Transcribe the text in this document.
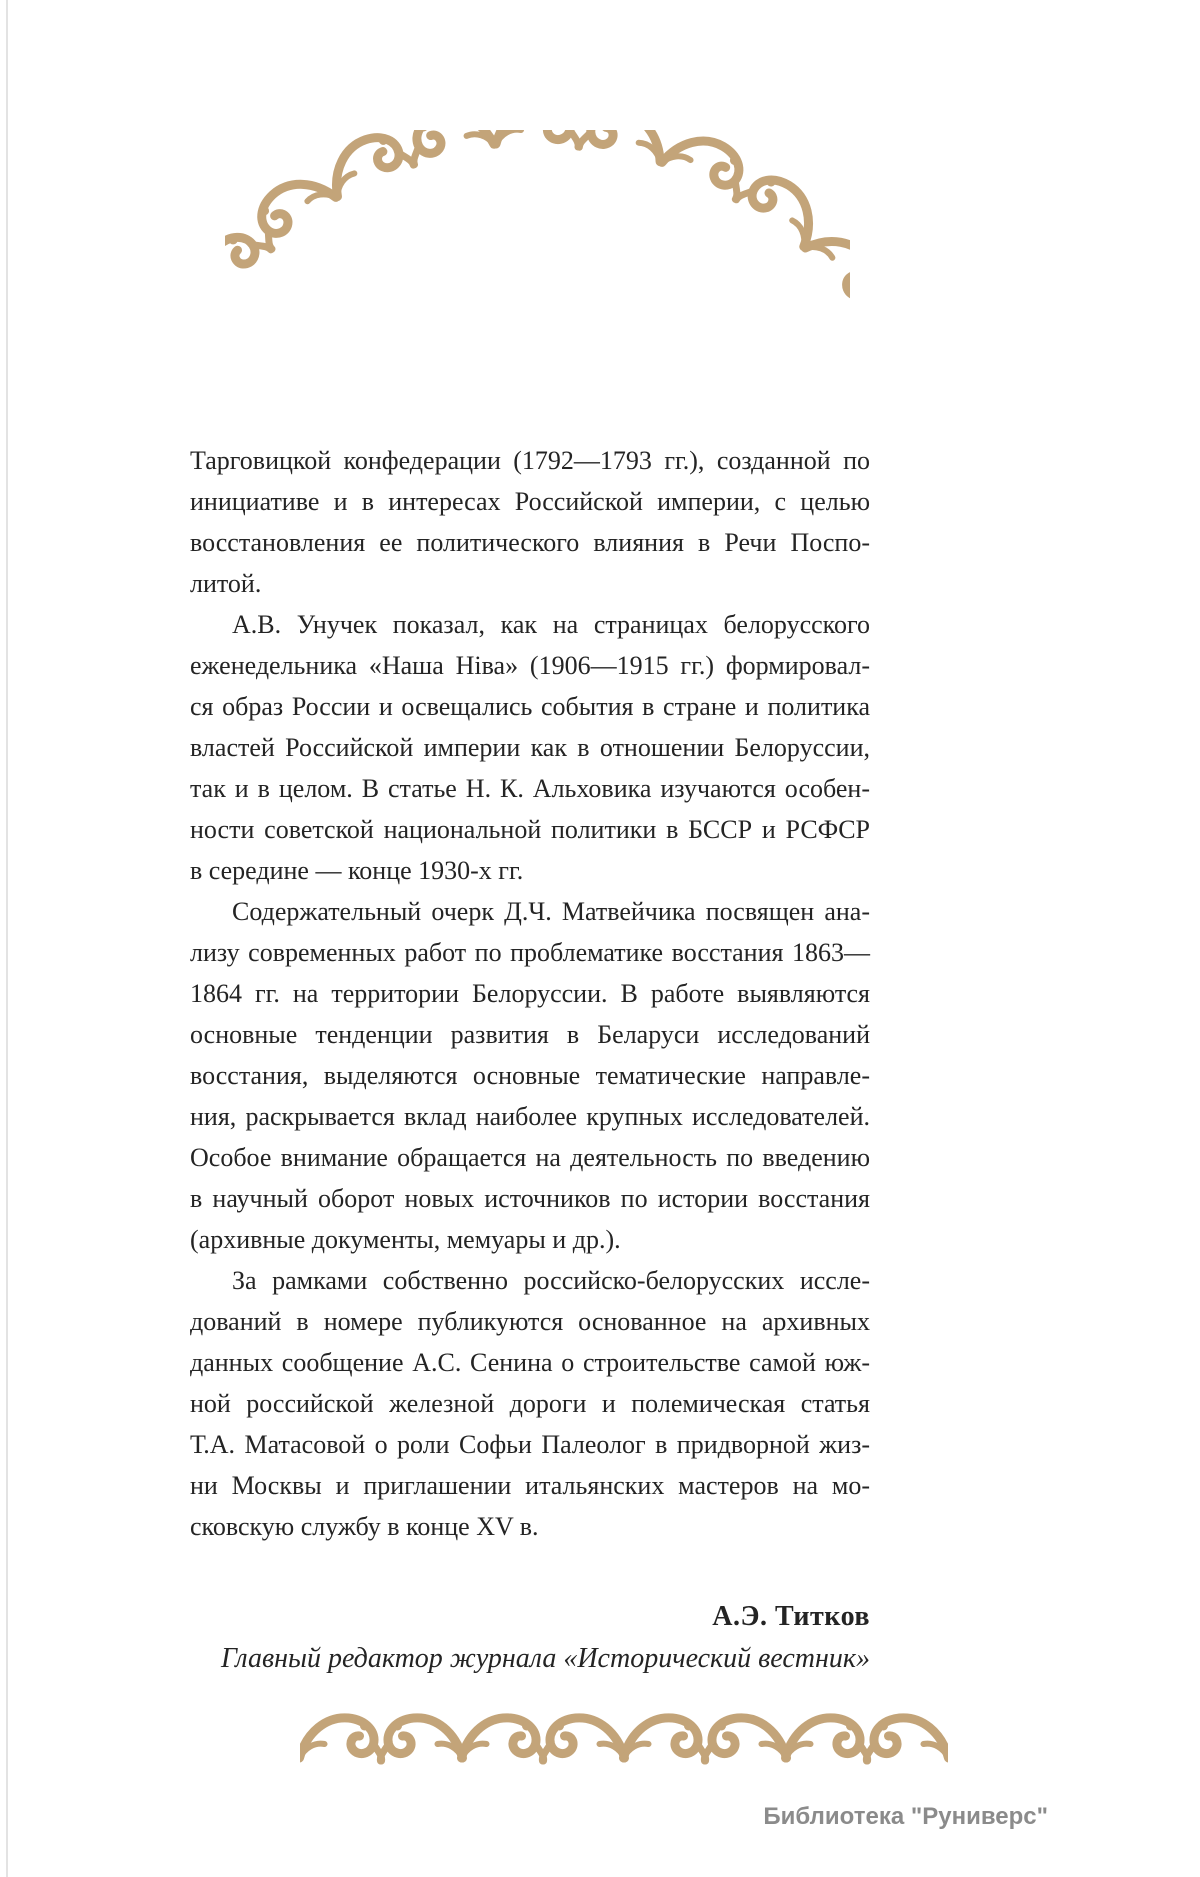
Тарговицкой конфедерации (1792—1793 гг.), созданной по
инициативе и в интересах Российской империи, с целью
восстановления ее политического влияния в Речи Поспо-
литой.
А.В. Унучек показал, как на страницах белорусского
еженедельника «Наша Ніва» (1906—1915 гг.) формировал-
ся образ России и освещались события в стране и политика
властей Российской империи как в отношении Белоруссии,
так и в целом. В статье Н. К. Альховика изучаются особен-
ности советской национальной политики в БССР и РСФСР
в середине — конце 1930-х гг.
Содержательный очерк Д.Ч. Матвейчика посвящен ана-
лизу современных работ по проблематике восстания 1863—
1864 гг. на территории Белоруссии. В работе выявляются
основные тенденции развития в Беларуси исследований
восстания, выделяются основные тематические направле-
ния, раскрывается вклад наиболее крупных исследователей.
Особое внимание обращается на деятельность по введению
в научный оборот новых источников по истории восстания
(архивные документы, мемуары и др.).
За рамками собственно российско-белорусских иссле-
дований в номере публикуются основанное на архивных
данных сообщение А.С. Сенина о строительстве самой юж-
ной российской железной дороги и полемическая статья
Т.А. Матасовой о роли Софьи Палеолог в придворной жиз-
ни Москвы и приглашении итальянских мастеров на мо-
сковскую службу в конце XV в.
А.Э. Титков
Главный редактор журнала «Исторический вестник»
Библиотека "Руниверс"
